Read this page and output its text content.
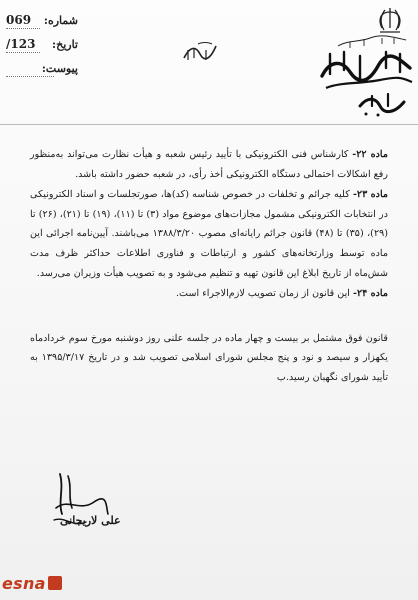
شماره:
069
تاریخ:
/123
پیوست:

ماده ۲۲- کارشناس فنی الکترونیکی با تأیید رئیس شعبه و هیأت نظارت می‌تواند به‌منظور رفع اشکالات احتمالی دستگاه الکترونیکی أخذ رأی، در شعبه حضور داشته باشد.

ماده ۲۳- کلیه جرائم و تخلفات در خصوص شناسه (کد)ها، صورتجلسات و اسناد الکترونیکی در انتخابات الکترونیکی مشمول مجازات‌های موضوع مواد (۳) تا (۱۱)، (۱۹) تا (۲۱)، (۲۶) تا (۲۹)، (۳۵) تا (۴۸) قانون جرائم رایانه‌ای مصوب ۱۳۸۸/۳/۲۰ می‌باشند. آیین‌نامه اجرائی این ماده توسط وزارتخانه‌های کشور و ارتباطات و فناوری اطلاعات حداکثر ظرف مدت شش‌ماه از تاریخ ابلاغ این قانون تهیه و تنظیم می‌شود و به تصویب هیأت وزیران می‌رسد.

ماده ۲۴- این قانون از زمان تصویب لازم‌الاجراء است.

قانون فوق مشتمل بر بیست و چهار ماده در جلسه علنی روز دوشنبه مورخ سوم خردادماه یکهزار و سیصد و نود و پنج مجلس شورای اسلامی تصویب شد و در تاریخ ۱۳۹۵/۳/۱۷ به تأیید شورای نگهبان رسید.ب

علی لاریجانی
esna
